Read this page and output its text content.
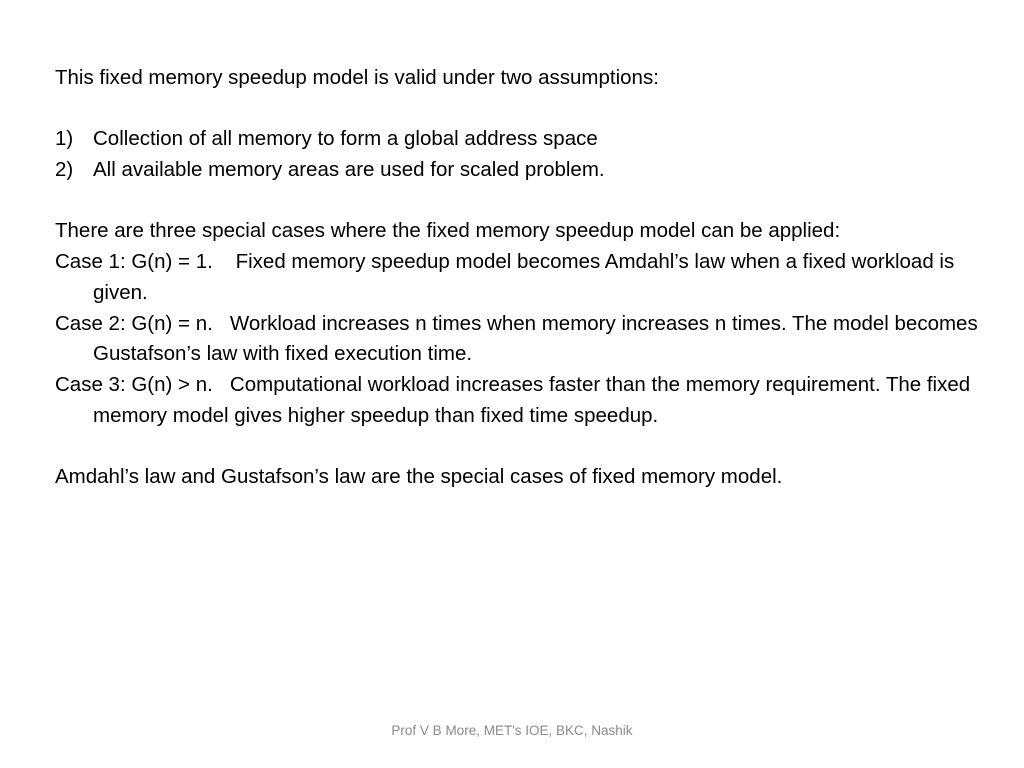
This fixed memory speedup model is valid under two assumptions:
1) Collection of all memory to form a global address space
2) All available memory areas are used for scaled problem.
There are three special cases where the fixed memory speedup model can be applied:
Case 1: G(n) = 1. Fixed memory speedup model becomes Amdahl’s law when a fixed workload is given.
Case 2: G(n) = n. Workload increases n times when memory increases n times. The model becomes Gustafson’s law with fixed execution time.
Case 3: G(n) > n. Computational workload increases faster than the memory requirement. The fixed memory model gives higher speedup than fixed time speedup.
Amdahl’s law and Gustafson’s law are the special cases of fixed memory model.
Prof V B More, MET's IOE, BKC, Nashik
